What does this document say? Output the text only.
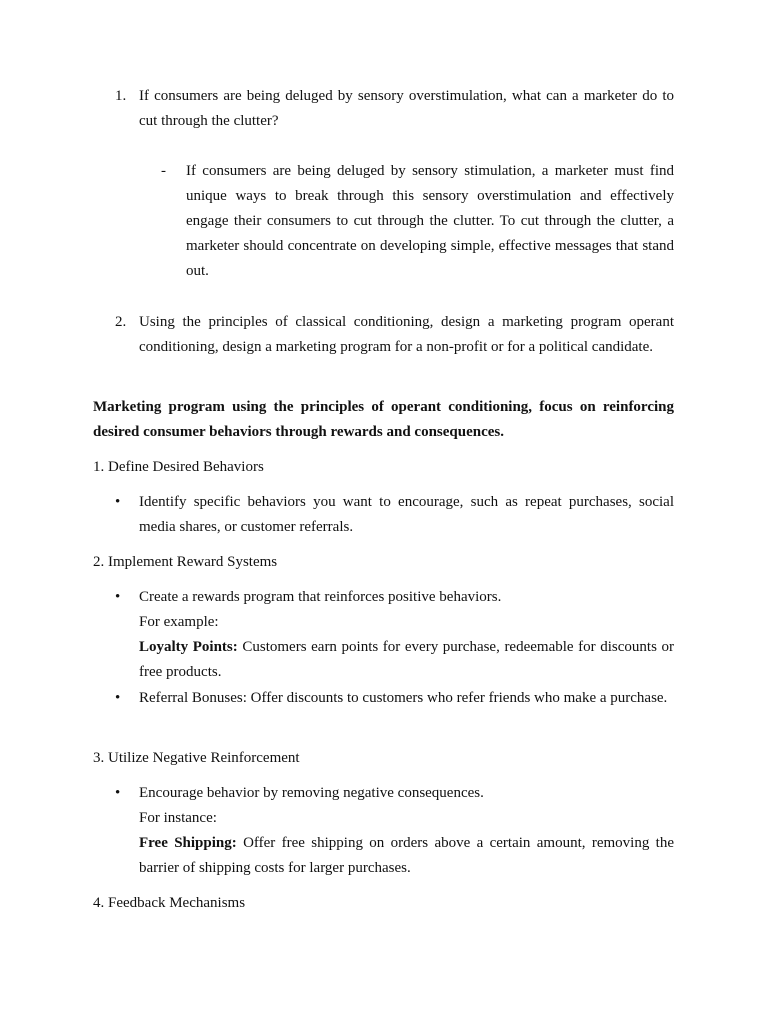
1. If consumers are being deluged by sensory overstimulation, what can a marketer do to cut through the clutter?
- If consumers are being deluged by sensory stimulation, a marketer must find unique ways to break through this sensory overstimulation and effectively engage their consumers to cut through the clutter. To cut through the clutter, a marketer should concentrate on developing simple, effective messages that stand out.
2. Using the principles of classical conditioning, design a marketing program operant conditioning, design a marketing program for a non-profit or for a political candidate.
Marketing program using the principles of operant conditioning, focus on reinforcing desired consumer behaviors through rewards and consequences.
1. Define Desired Behaviors
•	Identify specific behaviors you want to encourage, such as repeat purchases, social media shares, or customer referrals.
2. Implement Reward Systems
•	Create a rewards program that reinforces positive behaviors.
For example:
Loyalty Points: Customers earn points for every purchase, redeemable for discounts or free products.
•	Referral Bonuses: Offer discounts to customers who refer friends who make a purchase.
3. Utilize Negative Reinforcement
•	Encourage behavior by removing negative consequences.
For instance:
Free Shipping: Offer free shipping on orders above a certain amount, removing the barrier of shipping costs for larger purchases.
4. Feedback Mechanisms
